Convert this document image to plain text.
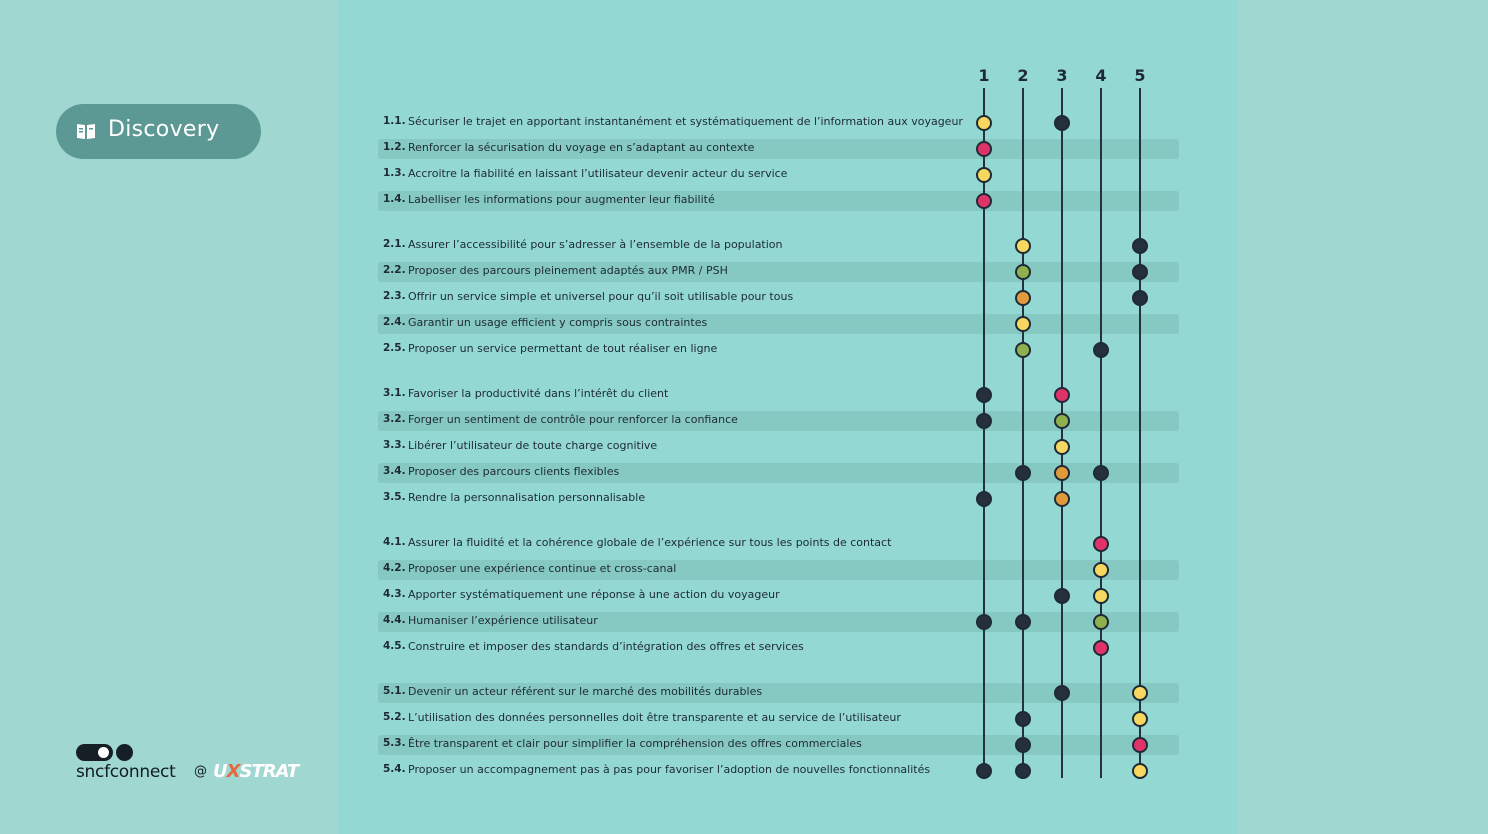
Discovery
1 2 3 4 5
1.1. Sécuriser le trajet en apportant instantanément et systématiquement de l’information aux voyageur
1.2. Renforcer la sécurisation du voyage en s’adaptant au contexte
1.3. Accroitre la fiabilité en laissant l’utilisateur devenir acteur du service
1.4. Labelliser les informations pour augmenter leur fiabilité
2.1. Assurer l’accessibilité pour s’adresser à l’ensemble de la population
2.2. Proposer des parcours pleinement adaptés aux PMR / PSH
2.3. Offrir un service simple et universel pour qu’il soit utilisable pour tous
2.4. Garantir un usage efficient y compris sous contraintes
2.5. Proposer un service permettant de tout réaliser en ligne
3.1. Favoriser la productivité dans l’intérêt du client
3.2. Forger un sentiment de contrôle pour renforcer la confiance
3.3. Libérer l’utilisateur de toute charge cognitive
3.4. Proposer des parcours clients flexibles
3.5. Rendre la personnalisation personnalisable
4.1. Assurer la fluidité et la cohérence globale de l’expérience sur tous les points de contact
4.2. Proposer une expérience continue et cross-canal
4.3. Apporter systématiquement une réponse à une action du voyageur
4.4. Humaniser l’expérience utilisateur
4.5. Construire et imposer des standards d’intégration des offres et services
5.1. Devenir un acteur référent sur le marché des mobilités durables
5.2. L’utilisation des données personnelles doit être transparente et au service de l’utilisateur
5.3. Être transparent et clair pour simplifier la compréhension des offres commerciales
5.4. Proposer un accompagnement pas à pas pour favoriser l’adoption de nouvelles fonctionnalités
sncfconnect @ UXSTRAT
